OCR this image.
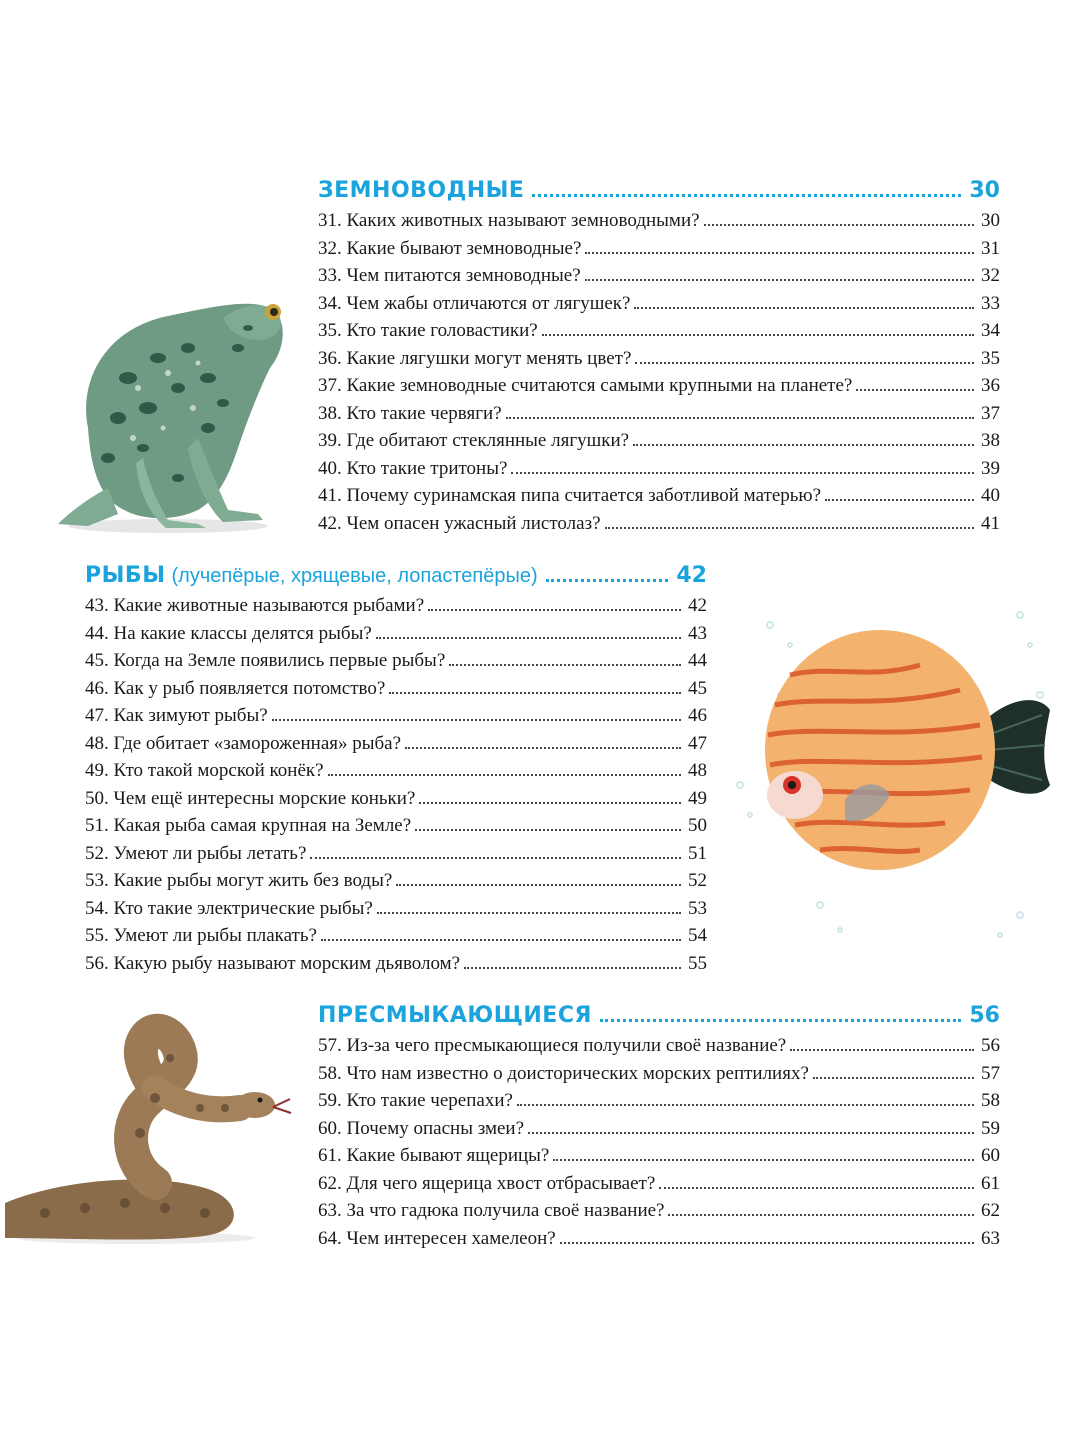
ЗЕМНОВОДНЫЕ	30
31. Каких животных называют земноводными?	30
32. Какие бывают земноводные?	31
33. Чем питаются земноводные?	32
34. Чем жабы отличаются от лягушек?	33
35. Кто такие головастики?	34
36. Какие лягушки могут менять цвет?	35
37. Какие земноводные считаются самыми крупными на планете?	36
38. Кто такие червяги?	37
39. Где обитают стеклянные лягушки?	38
40. Кто такие тритоны?	39
41. Почему суринамская пипа считается заботливой матерью?	40
42. Чем опасен ужасный листолаз?	41
РЫБЫ (лучепёрые, хрящевые, лопастепёрые)	42
43. Какие животные называются рыбами?	42
44. На какие классы делятся рыбы?	43
45. Когда на Земле появились первые рыбы?	44
46. Как у рыб появляется потомство?	45
47. Как зимуют рыбы?	46
48. Где обитает «замороженная» рыба?	47
49. Кто такой морской конёк?	48
50. Чем ещё интересны морские коньки?	49
51. Какая рыба самая крупная на Земле?	50
52. Умеют ли рыбы летать?	51
53. Какие рыбы могут жить без воды?	52
54. Кто такие электрические рыбы?	53
55. Умеют ли рыбы плакать?	54
56. Какую рыбу называют морским дьяволом?	55
ПРЕСМЫКАЮЩИЕСЯ	56
57. Из-за чего пресмыкающиеся получили своё название?	56
58. Что нам известно о доисторических морских рептилиях?	57
59. Кто такие черепахи?	58
60. Почему опасны змеи?	59
61. Какие бывают ящерицы?	60
62. Для чего ящерица хвост отбрасывает?	61
63. За что гадюка получила своё название?	62
64. Чем интересен хамелеон?	63
